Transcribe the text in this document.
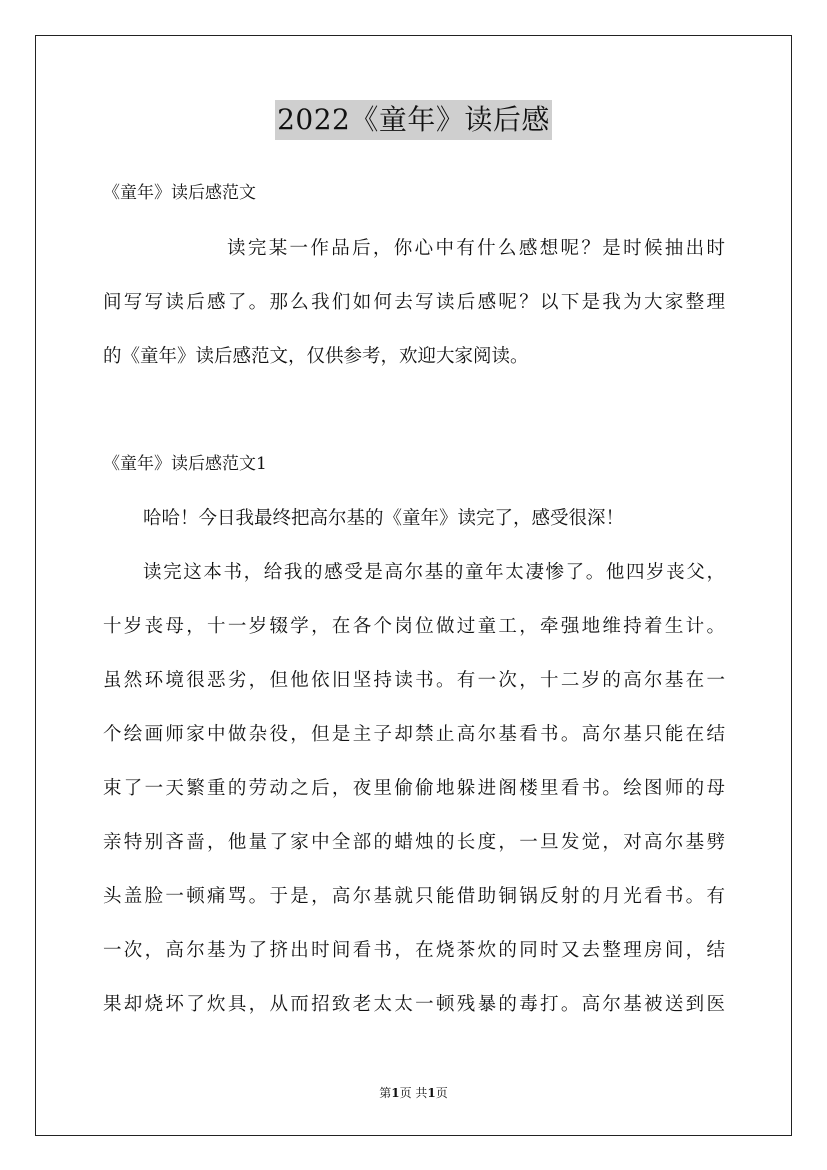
2022《童年》读后感
《童年》读后感范文
读完某一作品后，你心中有什么感想呢？是时候抽出时
间写写读后感了。那么我们如何去写读后感呢？以下是我为大家整理
的《童年》读后感范文，仅供参考，欢迎大家阅读。
《童年》读后感范文1
哈哈！今日我最终把高尔基的《童年》读完了，感受很深！
读完这本书，给我的感受是高尔基的童年太凄惨了。他四岁丧父，
十岁丧母，十一岁辍学，在各个岗位做过童工，牵强地维持着生计。
虽然环境很恶劣，但他依旧坚持读书。有一次，十二岁的高尔基在一
个绘画师家中做杂役，但是主子却禁止高尔基看书。高尔基只能在结
束了一天繁重的劳动之后，夜里偷偷地躲进阁楼里看书。绘图师的母
亲特别吝啬，他量了家中全部的蜡烛的长度，一旦发觉，对高尔基劈
头盖脸一顿痛骂。于是，高尔基就只能借助铜锅反射的月光看书。有
一次，高尔基为了挤出时间看书，在烧茶炊的同时又去整理房间，结
果却烧坏了炊具，从而招致老太太一顿残暴的毒打。高尔基被送到医
第1页 共1页
